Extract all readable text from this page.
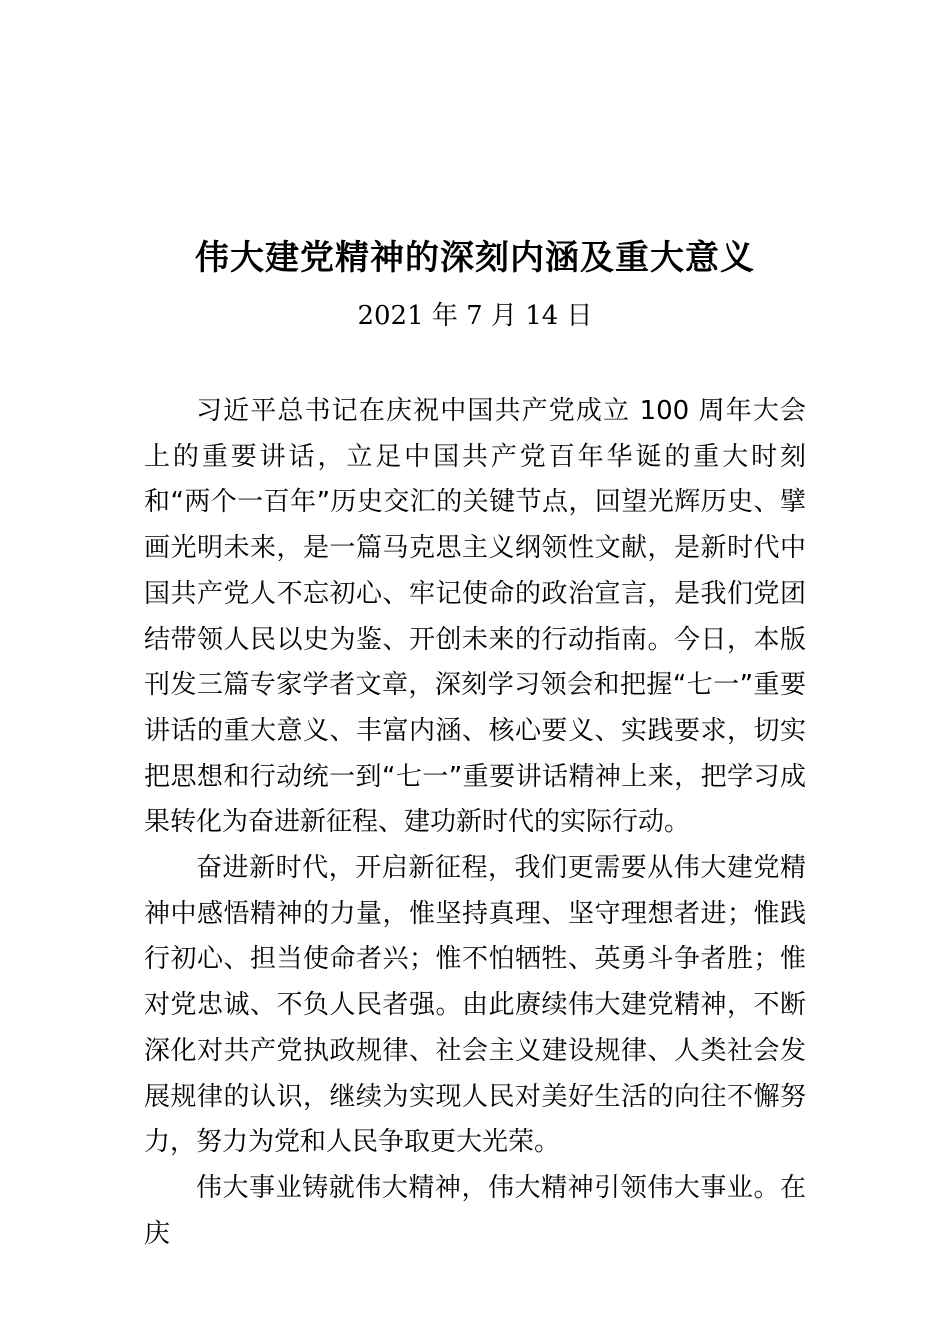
伟大建党精神的深刻内涵及重大意义
2021 年 7 月 14 日

习近平总书记在庆祝中国共产党成立 100 周年大会上的重要讲话，立足中国共产党百年华诞的重大时刻和“两个一百年”历史交汇的关键节点，回望光辉历史、擘画光明未来，是一篇马克思主义纲领性文献，是新时代中国共产党人不忘初心、牢记使命的政治宣言，是我们党团结带领人民以史为鉴、开创未来的行动指南。今日，本版刊发三篇专家学者文章，深刻学习领会和把握“七一”重要讲话的重大意义、丰富内涵、核心要义、实践要求，切实把思想和行动统一到“七一”重要讲话精神上来，把学习成果转化为奋进新征程、建功新时代的实际行动。

奋进新时代，开启新征程，我们更需要从伟大建党精神中感悟精神的力量，惟坚持真理、坚守理想者进；惟践行初心、担当使命者兴；惟不怕牺牲、英勇斗争者胜；惟对党忠诚、不负人民者强。由此赓续伟大建党精神，不断深化对共产党执政规律、社会主义建设规律、人类社会发展规律的认识，继续为实现人民对美好生活的向往不懈努力，努力为党和人民争取更大光荣。

伟大事业铸就伟大精神，伟大精神引领伟大事业。在庆
